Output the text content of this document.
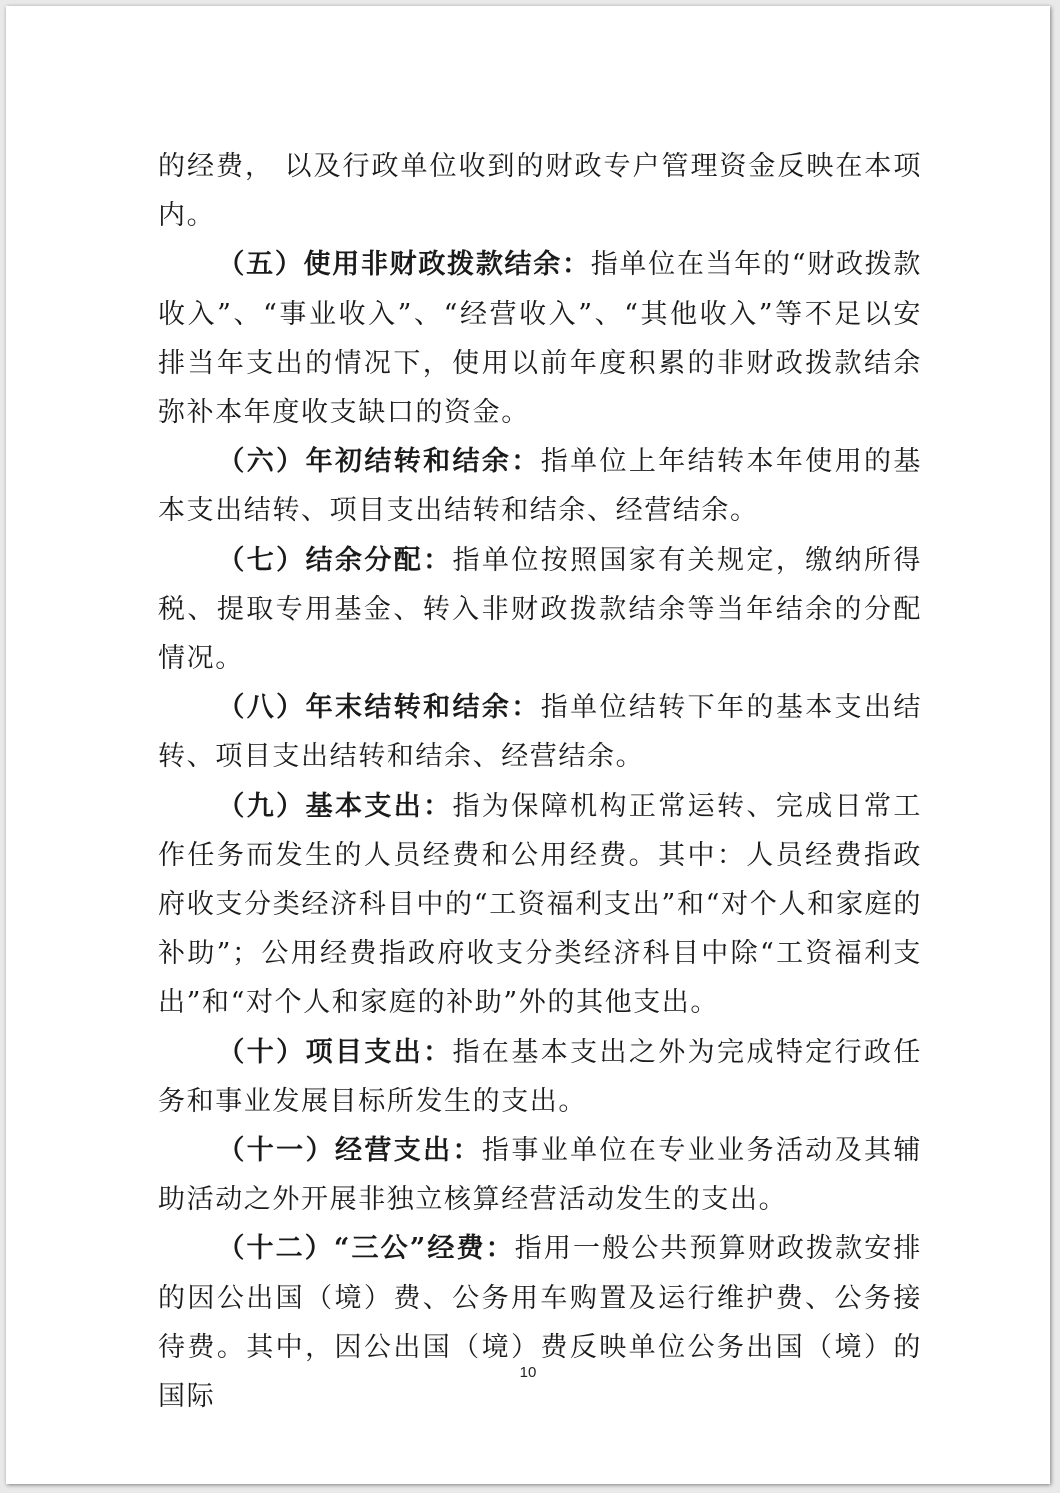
的经费， 以及行政单位收到的财政专户管理资金反映在本项内。

（五）使用非财政拨款结余：指单位在当年的“财政拨款收入”、“事业收入”、“经营收入”、“其他收入”等不足以安排当年支出的情况下，使用以前年度积累的非财政拨款结余弥补本年度收支缺口的资金。

（六）年初结转和结余：指单位上年结转本年使用的基本支出结转、项目支出结转和结余、经营结余。

（七）结余分配：指单位按照国家有关规定，缴纳所得税、提取专用基金、转入非财政拨款结余等当年结余的分配情况。

（八）年末结转和结余：指单位结转下年的基本支出结转、项目支出结转和结余、经营结余。

（九）基本支出：指为保障机构正常运转、完成日常工作任务而发生的人员经费和公用经费。其中：人员经费指政府收支分类经济科目中的“工资福利支出”和“对个人和家庭的补助”；公用经费指政府收支分类经济科目中除“工资福利支出”和“对个人和家庭的补助”外的其他支出。

（十）项目支出：指在基本支出之外为完成特定行政任务和事业发展目标所发生的支出。

（十一）经营支出：指事业单位在专业业务活动及其辅助活动之外开展非独立核算经营活动发生的支出。

（十二）“三公”经费：指用一般公共预算财政拨款安排的因公出国（境）费、公务用车购置及运行维护费、公务接待费。其中，因公出国（境）费反映单位公务出国（境）的国际

10
